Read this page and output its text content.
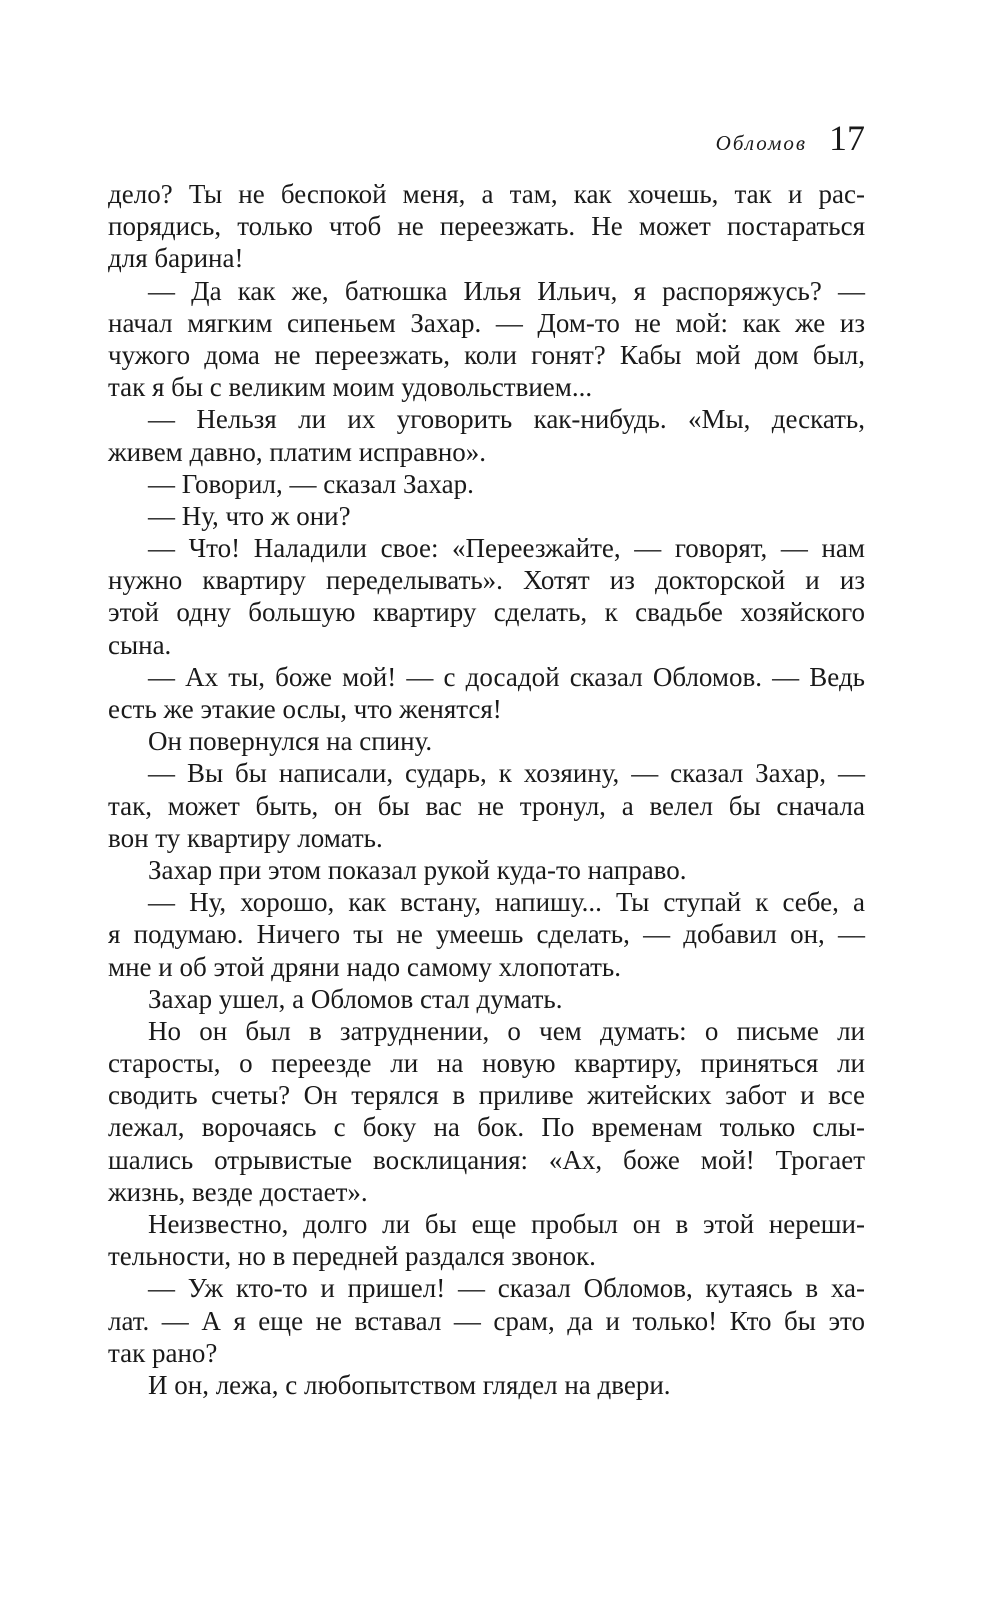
Обломов 17
дело? Ты не беспокой меня, а там, как хочешь, так и рас-
порядись, только чтоб не переезжать. Не может постараться
для барина!
— Да как же, батюшка Илья Ильич, я распоряжусь? —
начал мягким сипеньем Захар. — Дом-то не мой: как же из
чужого дома не переезжать, коли гонят? Кабы мой дом был,
так я бы с великим моим удовольствием...
— Нельзя ли их уговорить как-нибудь. «Мы, дескать,
живем давно, платим исправно».
— Говорил, — сказал Захар.
— Ну, что ж они?
— Что! Наладили свое: «Переезжайте, — говорят, — нам
нужно квартиру переделывать». Хотят из докторской и из
этой одну большую квартиру сделать, к свадьбе хозяйского
сына.
— Ах ты, боже мой! — с досадой сказал Обломов. — Ведь
есть же этакие ослы, что женятся!
Он повернулся на спину.
— Вы бы написали, сударь, к хозяину, — сказал Захар, —
так, может быть, он бы вас не тронул, а велел бы сначала
вон ту квартиру ломать.
Захар при этом показал рукой куда-то направо.
— Ну, хорошо, как встану, напишу... Ты ступай к себе, а
я подумаю. Ничего ты не умеешь сделать, — добавил он, —
мне и об этой дряни надо самому хлопотать.
Захар ушел, а Обломов стал думать.
Но он был в затруднении, о чем думать: о письме ли
старосты, о переезде ли на новую квартиру, приняться ли
сводить счеты? Он терялся в приливе житейских забот и все
лежал, ворочаясь с боку на бок. По временам только слы-
шались отрывистые восклицания: «Ах, боже мой! Трогает
жизнь, везде достает».
Неизвестно, долго ли бы еще пробыл он в этой нереши-
тельности, но в передней раздался звонок.
— Уж кто-то и пришел! — сказал Обломов, кутаясь в ха-
лат. — А я еще не вставал — срам, да и только! Кто бы это
так рано?
И он, лежа, с любопытством глядел на двери.
